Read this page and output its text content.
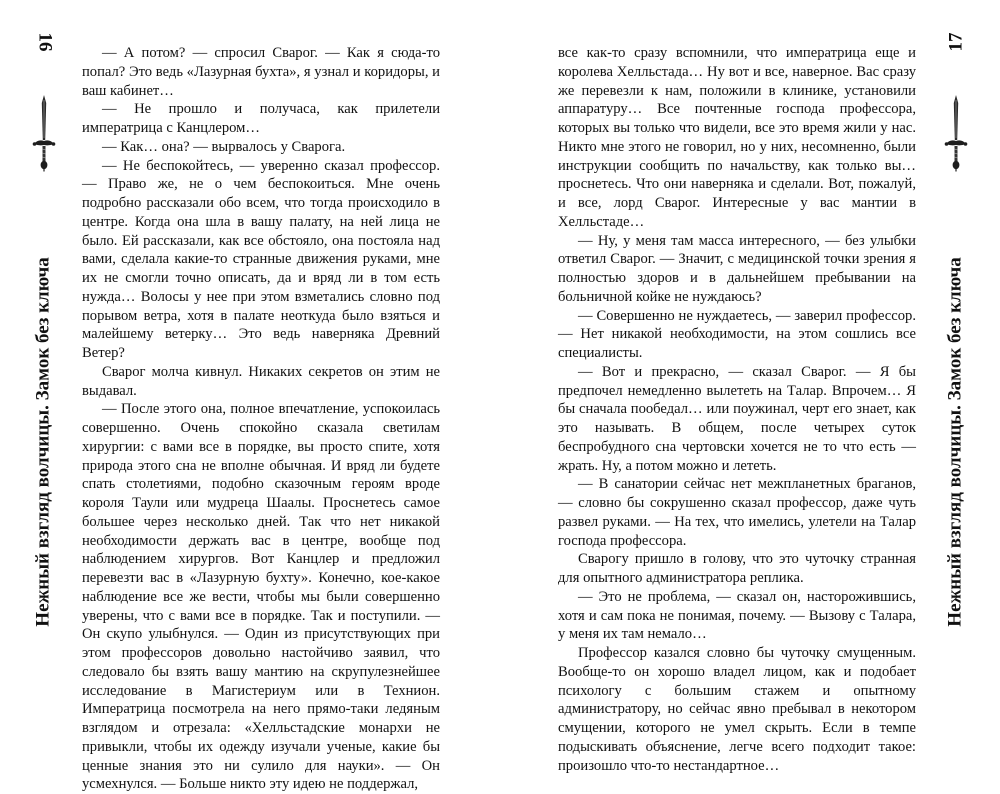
16
Нежный взгляд волчицы. Замок без ключа

— А потом? — спросил Сварог. — Как я сюда-то попал? Это ведь «Лазурная бухта», я узнал и коридоры, и ваш кабинет…

— Не прошло и получаса, как прилетели императрица с Канцлером…

— Как… она? — вырвалось у Сварога.

— Не беспокойтесь, — уверенно сказал профессор. — Право же, не о чем беспокоиться. Мне очень подробно рассказали обо всем, что тогда происходило в центре. Когда она шла в вашу палату, на ней лица не было. Ей рассказали, как все обстояло, она постояла над вами, сделала какие-то странные движения руками, мне их не смогли точно описать, да и вряд ли в том есть нужда… Волосы у нее при этом взметались словно под порывом ветра, хотя в палате неоткуда было взяться и малейшему ветерку… Это ведь наверняка Древний Ветер?

Сварог молча кивнул. Никаких секретов он этим не выдавал.

— После этого она, полное впечатление, успокоилась совершенно. Очень спокойно сказала светилам хирургии: с вами все в порядке, вы просто спите, хотя природа этого сна не вполне обычная. И вряд ли будете спать столетиями, подобно сказочным героям вроде короля Таули или мудреца Шаалы. Проснетесь самое большее через несколько дней. Так что нет никакой необходимости держать вас в центре, вообще под наблюдением хирургов. Вот Канцлер и предложил перевезти вас в «Лазурную бухту». Конечно, кое-какое наблюдение все же вести, чтобы мы были совершенно уверены, что с вами все в порядке. Так и поступили. — Он скупо улыбнулся. — Один из присутствующих при этом профессоров довольно настойчиво заявил, что следовало бы взять вашу мантию на скрупулезнейшее исследование в Магистериум или в Технион. Императрица посмотрела на него прямо-таки ледяным взглядом и отрезала: «Хелльстадские монархи не привыкли, чтобы их одежду изучали ученые, какие бы ценные знания это ни сулило для науки». — Он усмехнулся. — Больше никто эту идею не поддержал,

все как-то сразу вспомнили, что императрица еще и королева Хелльстада… Ну вот и все, наверное. Вас сразу же перевезли к нам, положили в клинике, установили аппаратуру… Все почтенные господа профессора, которых вы только что видели, все это время жили у нас. Никто мне этого не говорил, но у них, несомненно, были инструкции сообщить по начальству, как только вы… проснетесь. Что они наверняка и сделали. Вот, пожалуй, и все, лорд Сварог. Интересные у вас мантии в Хелльстаде…

— Ну, у меня там масса интересного, — без улыбки ответил Сварог. — Значит, с медицинской точки зрения я полностью здоров и в дальнейшем пребывании на больничной койке не нуждаюсь?

— Совершенно не нуждаетесь, — заверил профессор. — Нет никакой необходимости, на этом сошлись все специалисты.

— Вот и прекрасно, — сказал Сварог. — Я бы предпочел немедленно вылететь на Талар. Впрочем… Я бы сначала пообедал… или поужинал, черт его знает, как это называть. В общем, после четырех суток беспробудного сна чертовски хочется не то что есть — жрать. Ну, а потом можно и лететь.

— В санатории сейчас нет межпланетных браганов, — словно бы сокрушенно сказал профессор, даже чуть развел руками. — На тех, что имелись, улетели на Талар господа профессора.

Сварогу пришло в голову, что это чуточку странная для опытного администратора реплика.

— Это не проблема, — сказал он, насторожившись, хотя и сам пока не понимая, почему. — Вызову с Талара, у меня их там немало…

Профессор казался словно бы чуточку смущенным. Вообще-то он хорошо владел лицом, как и подобает психологу с большим стажем и опытному администратору, но сейчас явно пребывал в некотором смущении, которого не умел скрыть. Если в темпе подыскивать объяснение, легче всего подходит такое: произошло что-то нестандартное…

17
Нежный взгляд волчицы. Замок без ключа
